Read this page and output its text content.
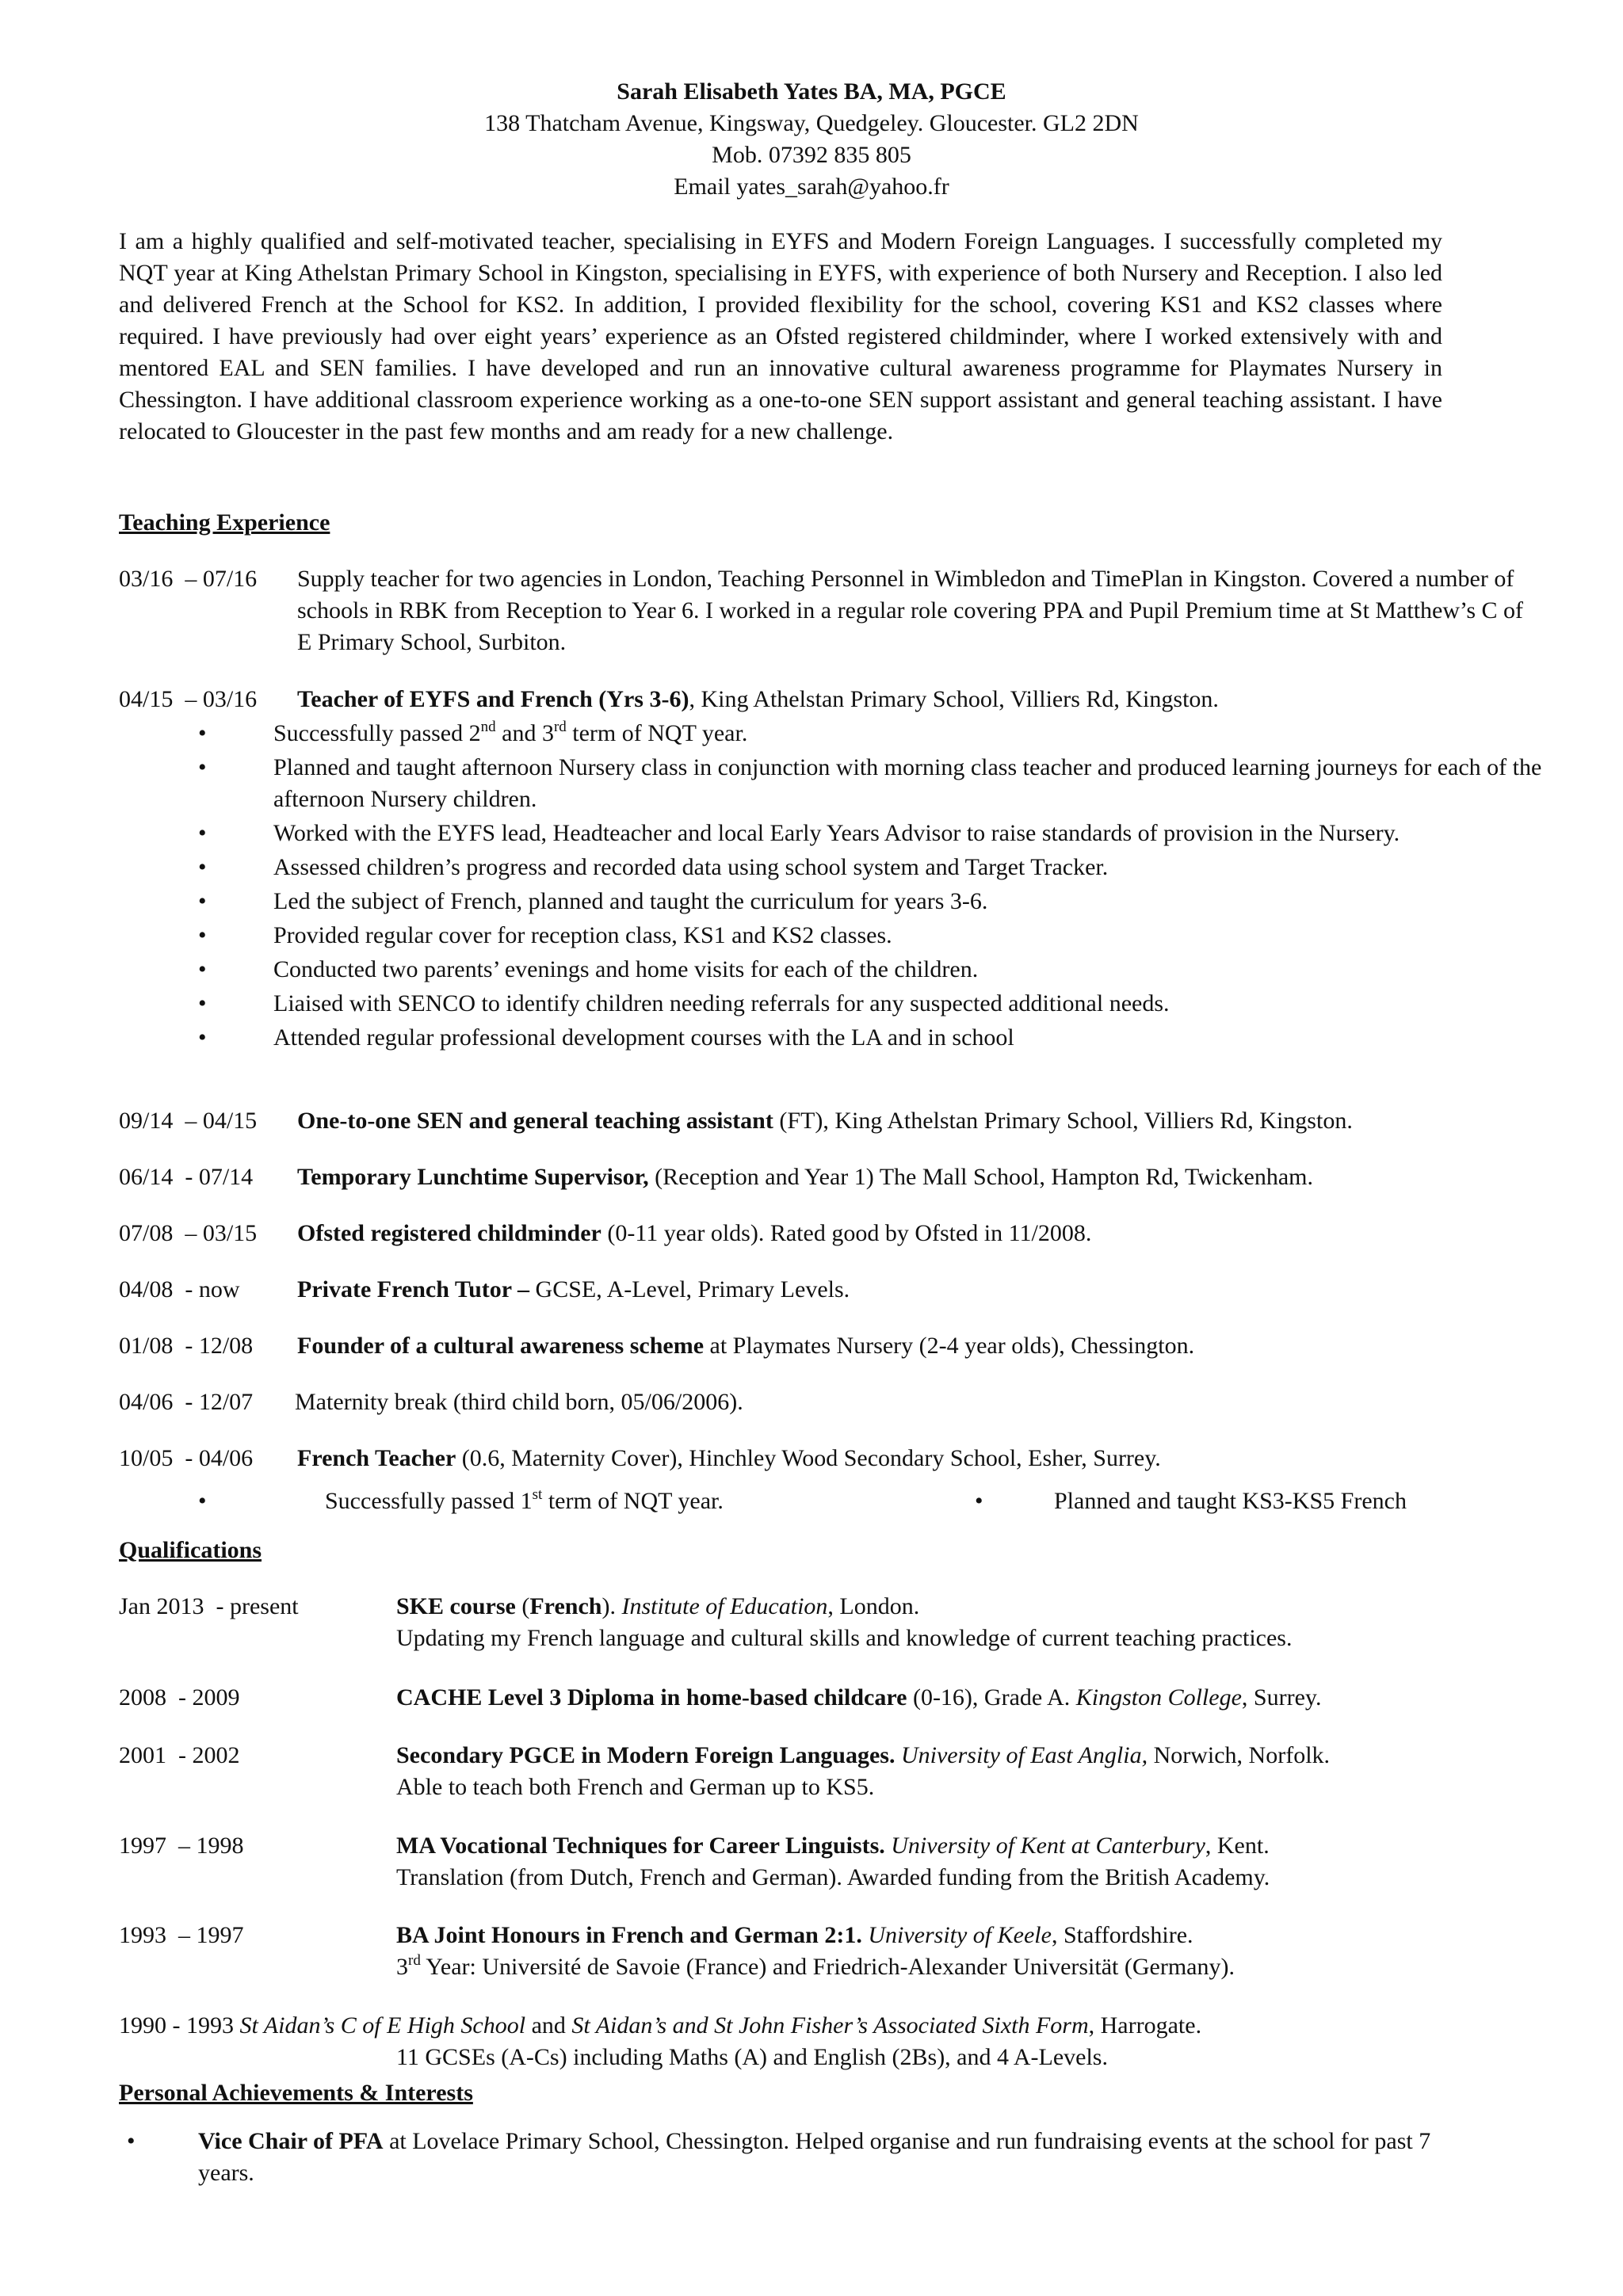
Sarah Elisabeth Yates BA, MA, PGCE
138 Thatcham Avenue, Kingsway, Quedgeley. Gloucester. GL2 2DN
Mob. 07392 835 805
Email yates_sarah@yahoo.fr
I am a highly qualified and self-motivated teacher, specialising in EYFS and Modern Foreign Languages. I successfully completed my NQT year at King Athelstan Primary School in Kingston, specialising in EYFS, with experience of both Nursery and Reception. I also led and delivered French at the School for KS2. In addition, I provided flexibility for the school, covering KS1 and KS2 classes where required. I have previously had over eight years’ experience as an Ofsted registered childminder, where I worked extensively with and mentored EAL and SEN families. I have developed and run an innovative cultural awareness programme for Playmates Nursery in Chessington. I have additional classroom experience working as a one-to-one SEN support assistant and general teaching assistant. I have relocated to Gloucester in the past few months and am ready for a new challenge.
Teaching Experience
03/16  – 07/16 Supply teacher for two agencies in London, Teaching Personnel in Wimbledon and TimePlan in Kingston. Covered a number of schools in RBK from Reception to Year 6. I worked in a regular role covering PPA and Pupil Premium time at St Matthew’s C of E Primary School, Surbiton.
04/15  – 03/16 Teacher of EYFS and French (Yrs 3-6), King Athelstan Primary School, Villiers Rd, Kingston.
•	Successfully passed 2nd and 3rd term of NQT year.
•	Planned and taught afternoon Nursery class in conjunction with morning class teacher and produced learning journeys for each of the afternoon Nursery children.
•	Worked with the EYFS lead, Headteacher and local Early Years Advisor to raise standards of provision in the Nursery.
•	Assessed children’s progress and recorded data using school system and Target Tracker.
•	Led the subject of French, planned and taught the curriculum for years 3-6.
•	Provided regular cover for reception class, KS1 and KS2 classes.
•	Conducted two parents’ evenings and home visits for each of the children.
•	Liaised with SENCO to identify children needing referrals for any suspected additional needs.
•	Attended regular professional development courses with the LA and in school
09/14  – 04/15 One-to-one SEN and general teaching assistant (FT), King Athelstan Primary School, Villiers Rd, Kingston.
06/14  - 07/14 Temporary Lunchtime Supervisor, (Reception and Year 1) The Mall School, Hampton Rd, Twickenham.
07/08  – 03/15 Ofsted registered childminder (0-11 year olds). Rated good by Ofsted in 11/2008.
04/08  - now Private French Tutor – GCSE, A-Level, Primary Levels.
01/08  - 12/08 Founder of a cultural awareness scheme at Playmates Nursery (2-4 year olds), Chessington.
04/06  - 12/07 Maternity break (third child born, 05/06/2006).
10/05  - 04/06 French Teacher (0.6, Maternity Cover), Hinchley Wood Secondary School, Esher, Surrey.
•	Successfully passed 1st term of NQT year.	•	Planned and taught KS3-KS5 French
Qualifications
Jan 2013  - present	SKE course (French). Institute of Education, London.
Updating my French language and cultural skills and knowledge of current teaching practices.
2008  - 2009	CACHE Level 3 Diploma in home-based childcare (0-16), Grade A. Kingston College, Surrey.
2001  - 2002	Secondary PGCE in Modern Foreign Languages. University of East Anglia, Norwich, Norfolk.
Able to teach both French and German up to KS5.
1997  – 1998	MA Vocational Techniques for Career Linguists. University of Kent at Canterbury, Kent.
Translation (from Dutch, French and German). Awarded funding from the British Academy.
1993  – 1997	BA Joint Honours in French and German 2:1. University of Keele, Staffordshire.
3rd Year: Université de Savoie (France) and Friedrich-Alexander Universität (Germany).
1990 - 1993 St Aidan’s C of E High School and St Aidan’s and St John Fisher’s Associated Sixth Form, Harrogate.
11 GCSEs (A-Cs) including Maths (A) and English (2Bs), and 4 A-Levels.
Personal Achievements & Interests
•	Vice Chair of PFA at Lovelace Primary School, Chessington. Helped organise and run fundraising events at the school for past 7 years.
